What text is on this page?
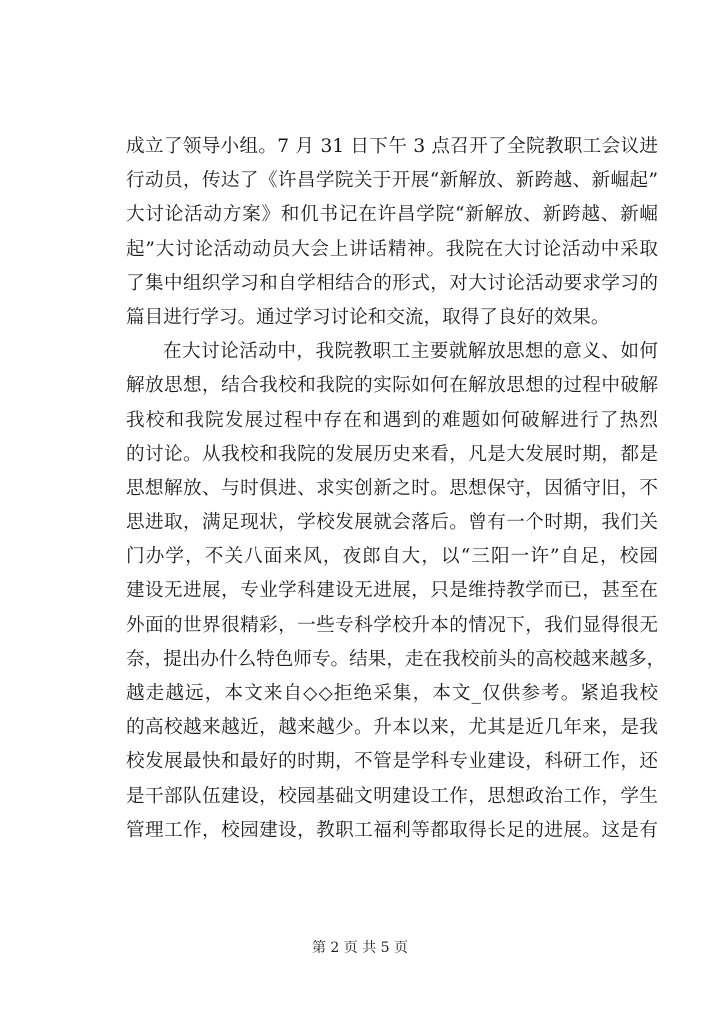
成立了领导小组。7 月 31 日下午 3 点召开了全院教职工会议进
行动员，传达了《许昌学院关于开展“新解放、新跨越、新崛起”
大讨论活动方案》和仉书记在许昌学院“新解放、新跨越、新崛
起”大讨论活动动员大会上讲话精神。我院在大讨论活动中采取
了集中组织学习和自学相结合的形式，对大讨论活动要求学习的
篇目进行学习。通过学习讨论和交流，取得了良好的效果。
在大讨论活动中，我院教职工主要就解放思想的意义、如何
解放思想，结合我校和我院的实际如何在解放思想的过程中破解
我校和我院发展过程中存在和遇到的难题如何破解进行了热烈
的讨论。从我校和我院的发展历史来看，凡是大发展时期，都是
思想解放、与时俱进、求实创新之时。思想保守，因循守旧，不
思进取，满足现状，学校发展就会落后。曾有一个时期，我们关
门办学，不关八面来风，夜郎自大，以“三阳一许”自足，校园
建设无进展，专业学科建设无进展，只是维持教学而已，甚至在
外面的世界很精彩，一些专科学校升本的情况下，我们显得很无
奈，提出办什么特色师专。结果，走在我校前头的高校越来越多，
越走越远，本文来自◇◇拒绝采集，本文_仅供参考。紧追我校
的高校越来越近，越来越少。升本以来，尤其是近几年来，是我
校发展最快和最好的时期，不管是学科专业建设，科研工作，还
是干部队伍建设，校园基础文明建设工作，思想政治工作，学生
管理工作，校园建设，教职工福利等都取得长足的进展。这是有
第 2 页 共 5 页
